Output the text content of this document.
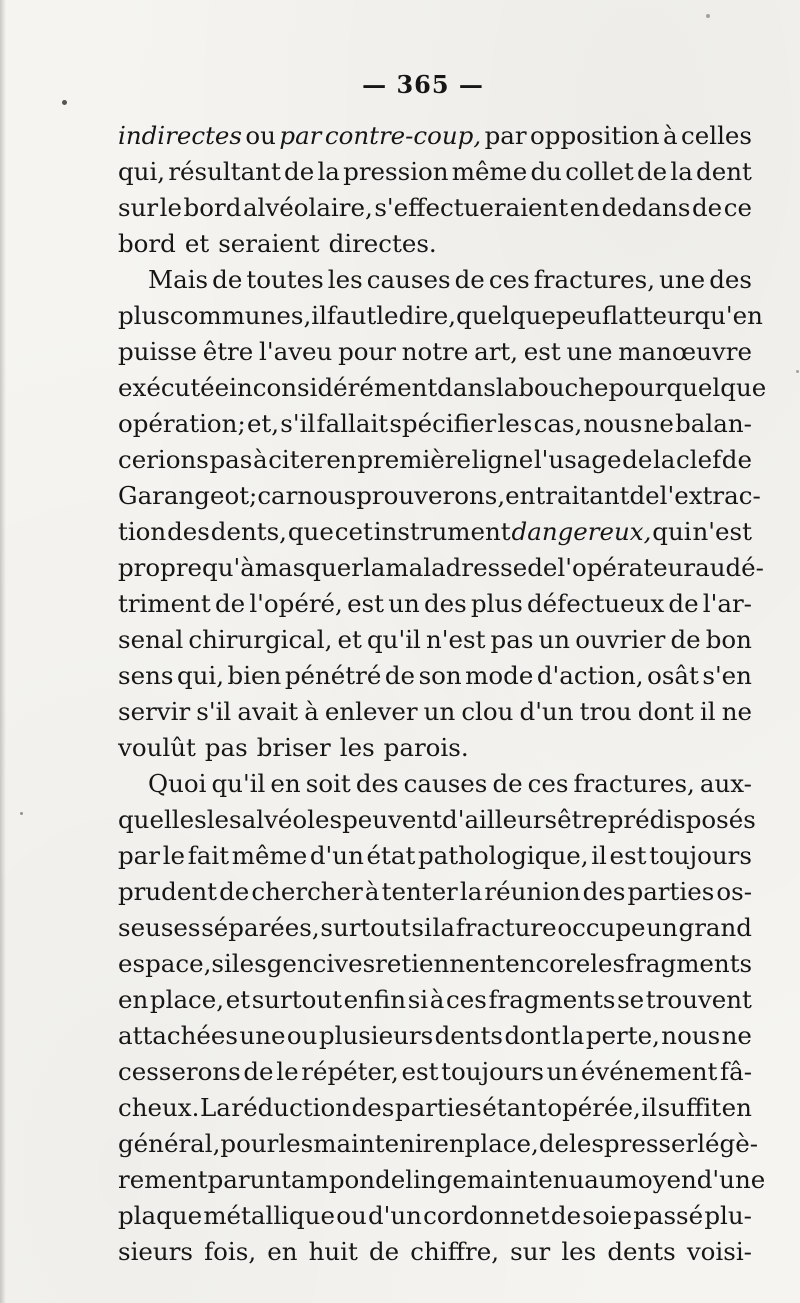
— 365 —
indirectes ou par contre-coup, par opposition à celles
qui, résultant de la pression même du collet de la dent
sur le bord alvéolaire, s'effectueraient en dedans de ce
bord et seraient directes.
Mais de toutes les causes de ces fractures, une des
plus communes, il faut le dire, quelque peu flatteur qu'en
puisse être l'aveu pour notre art, est une manœuvre
exécutée inconsidérément dans la bouche pour quelque
opération; et, s'il fallait spécifier les cas, nous ne balan-
cerions pas à citer en première ligne l'usage de la clef de
Garangeot; car nous prouverons, en traitant de l'extrac-
tion des dents, que cet instrument dangereux, qui n'est
propre qu'à masquer la maladresse de l'opérateur au dé-
triment de l'opéré, est un des plus défectueux de l'ar-
senal chirurgical, et qu'il n'est pas un ouvrier de bon
sens qui, bien pénétré de son mode d'action, osât s'en
servir s'il avait à enlever un clou d'un trou dont il ne
voulût pas briser les parois.
Quoi qu'il en soit des causes de ces fractures, aux-
quelles les alvéoles peuvent d'ailleurs être prédisposés
par le fait même d'un état pathologique, il est toujours
prudent de chercher à tenter la réunion des parties os-
seuses séparées, surtout si la fracture occupe un grand
espace, si les gencives retiennent encore les fragments
en place, et surtout enfin si à ces fragments se trouvent
attachées une ou plusieurs dents dont la perte, nous ne
cesserons de le répéter, est toujours un événement fâ-
cheux. La réduction des parties étant opérée, il suffit en
général, pour les maintenir en place, de les presser légè-
rement par un tampon de linge maintenu au moyen d'une
plaque métallique ou d'un cordonnet de soie passé plu-
sieurs fois, en huit de chiffre, sur les dents voisi-
